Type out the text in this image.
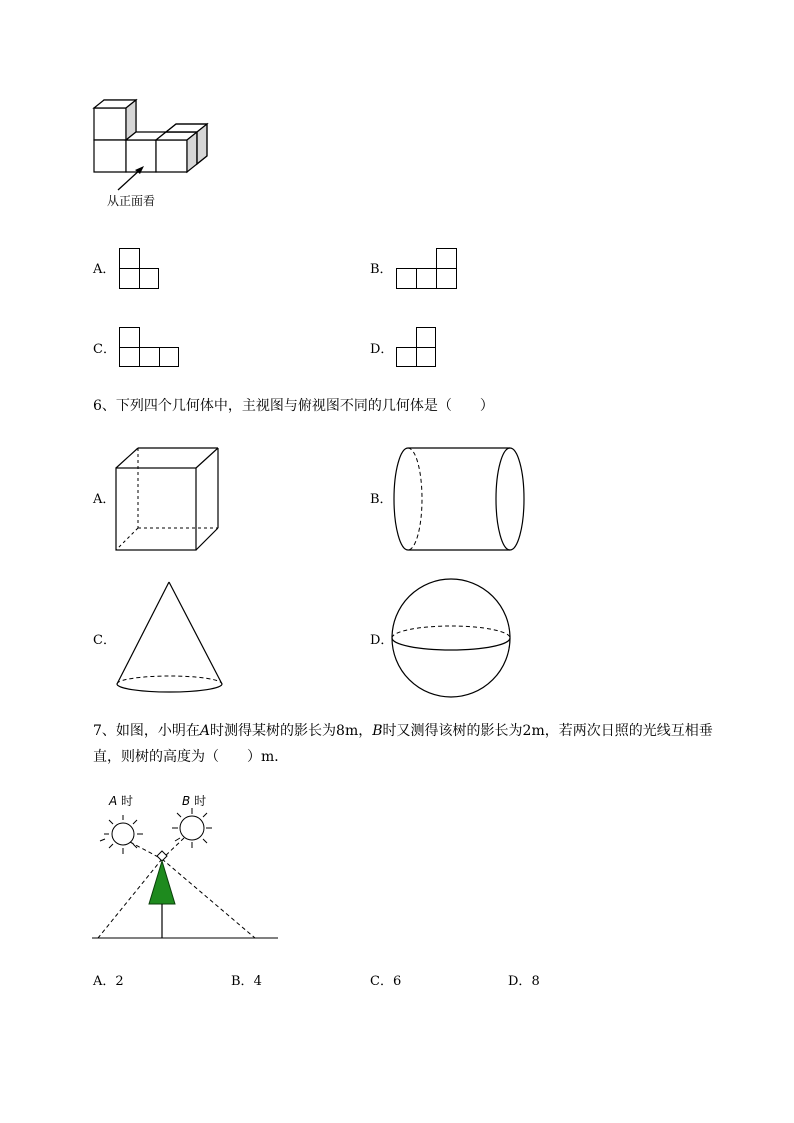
从正面看
A．	B．
C．	D．
6、下列四个几何体中，主视图与俯视图不同的几何体是（　　）
A．	B．
C．	D．
7、如图，小明在A时测得某树的影长为8m，B时又测得该树的影长为2m，若两次日照的光线互相垂
直，则树的高度为（　　）m．
A 时	B 时
A．2	B．4	C．6	D．8
